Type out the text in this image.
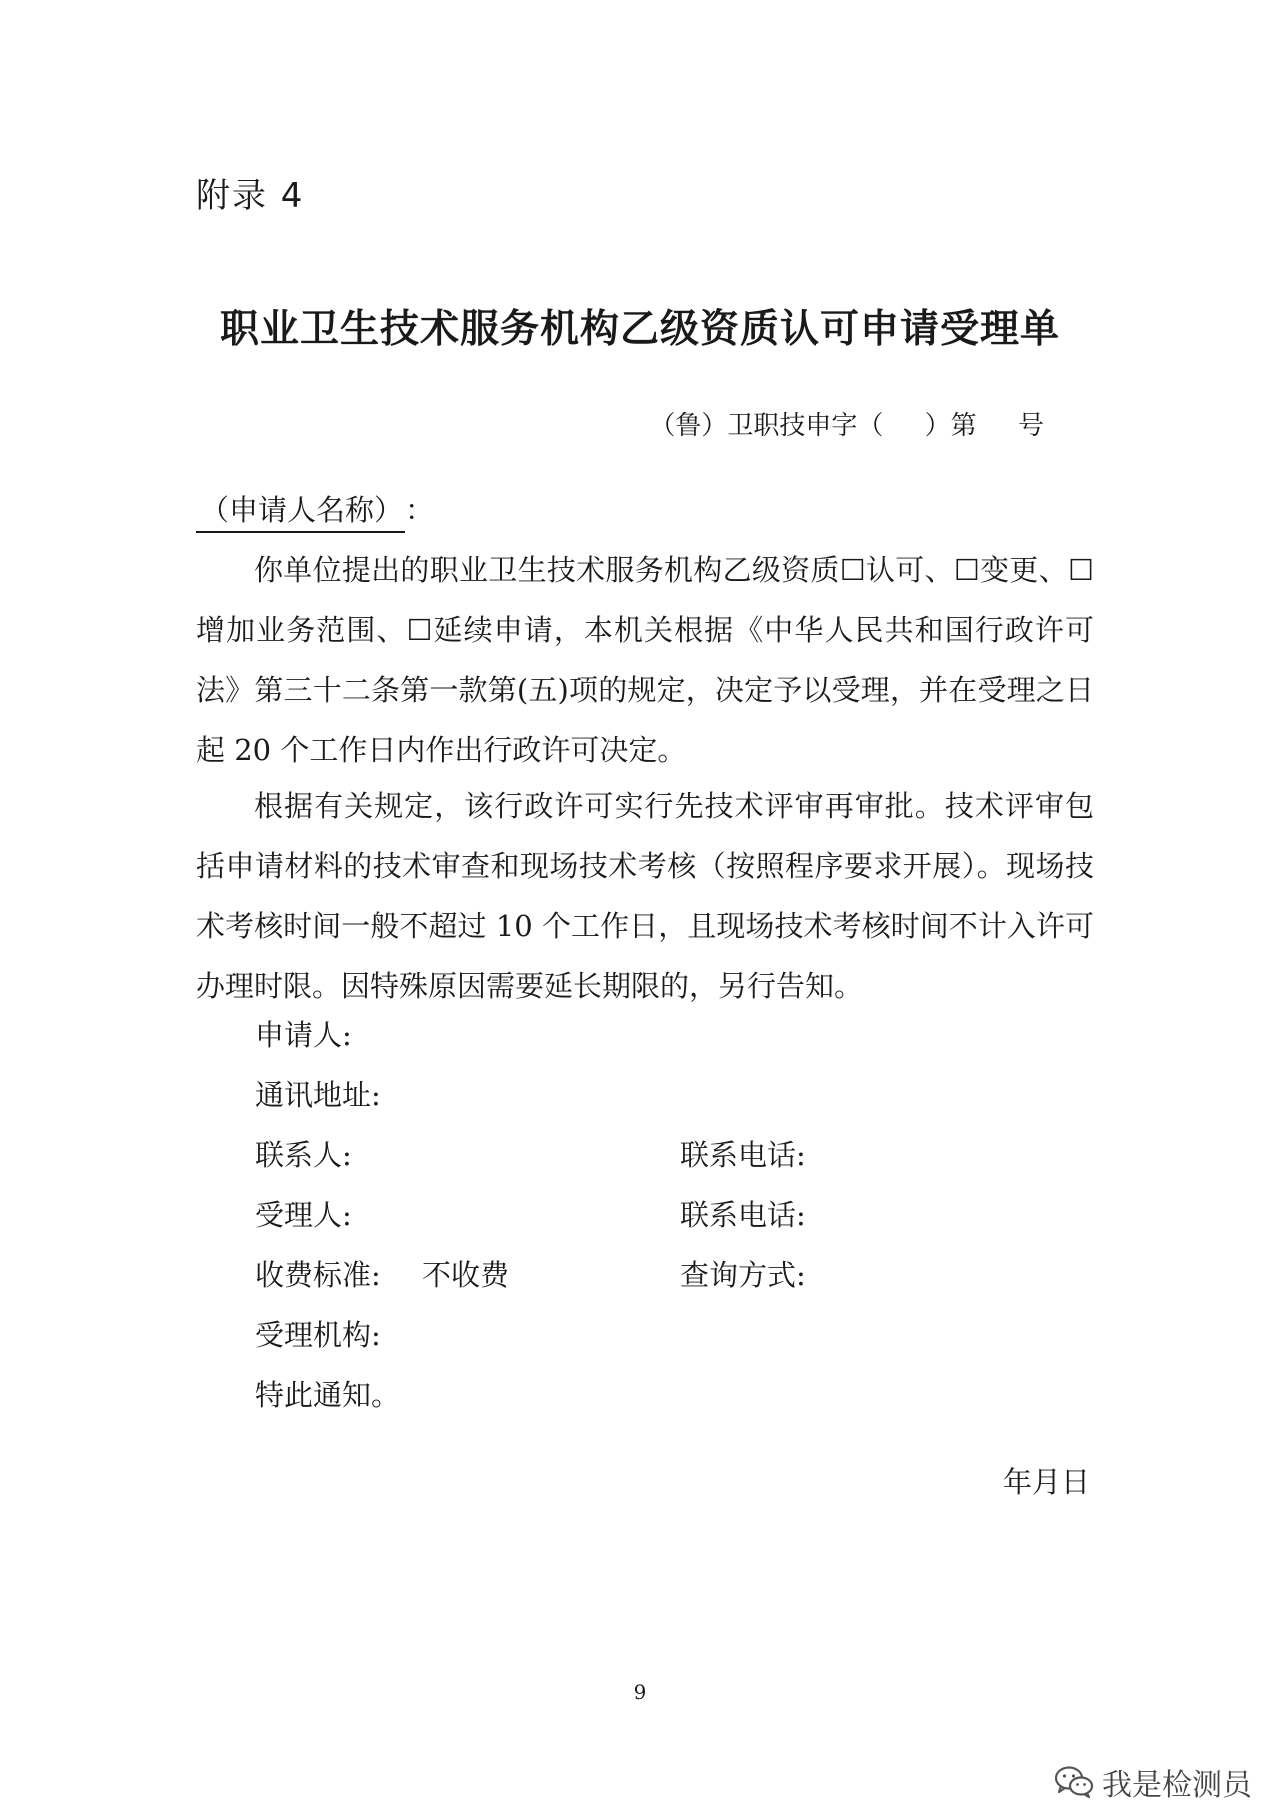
附录 4
职业卫生技术服务机构乙级资质认可申请受理单
（鲁）卫职技申字（     ）第     号
（申请人名称）：
你单位提出的职业卫生技术服务机构乙级资质☐认可、☐变更、☐增加业务范围、☐延续申请，本机关根据《中华人民共和国行政许可法》第三十二条第一款第(五)项的规定，决定予以受理，并在受理之日起 20 个工作日内作出行政许可决定。
根据有关规定，该行政许可实行先技术评审再审批。技术评审包括申请材料的技术审查和现场技术考核（按照程序要求开展）。现场技术考核时间一般不超过 10 个工作日，且现场技术考核时间不计入许可办理时限。因特殊原因需要延长期限的，另行告知。
申请人:
通讯地址:
联系人:	联系电话:
受理人:	联系电话:
收费标准: 不收费	查询方式:
受理机构:
特此通知。
年月日
9
我是检测员
